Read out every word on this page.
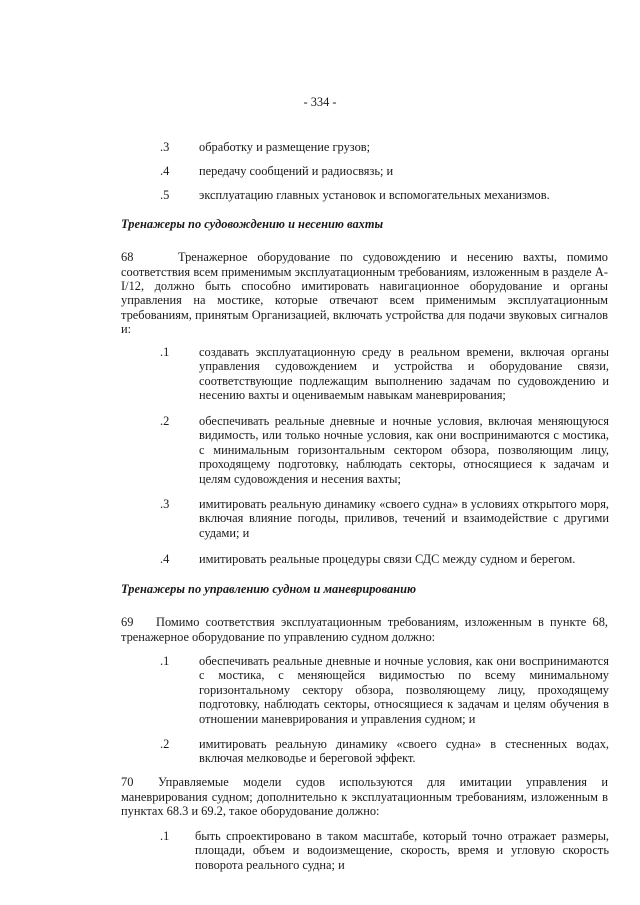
- 334 -
.3 обработку и размещение грузов;
.4 передачу сообщений и радиосвязь; и
.5 эксплуатацию главных установок и вспомогательных механизмов.
Тренажеры по судовождению и несению вахты
68	Тренажерное оборудование по судовождению и несению вахты, помимо
соответствия всем применимым эксплуатационным требованиям, изложенным в разделе A-I/12, должно быть способно имитировать навигационное оборудование и органы управления на мостике, которые отвечают всем применимым эксплуатационным требованиям, принятым Организацией, включать устройства для подачи звуковых сигналов и:
.1 создавать эксплуатационную среду в реальном времени, включая органы управления судовождением и устройства и оборудование связи, соответствующие подлежащим выполнению задачам по судовождению и несению вахты и оцениваемым навыкам маневрирования;
.2 обеспечивать реальные дневные и ночные условия, включая меняющуюся видимость, или только ночные условия, как они воспринимаются с мостика, с минимальным горизонтальным сектором обзора, позволяющим лицу, проходящему подготовку, наблюдать секторы, относящиеся к задачам и целям судовождения и несения вахты;
.3 имитировать реальную динамику «своего судна» в условиях открытого моря, включая влияние погоды, приливов, течений и взаимодействие с другими судами; и
.4 имитировать реальные процедуры связи СДС между судном и берегом.
Тренажеры по управлению судном и маневрированию
69 Помимо соответствия эксплуатационным требованиям, изложенным в пункте 68,
тренажерное оборудование по управлению судном должно:
.1 обеспечивать реальные дневные и ночные условия, как они воспринимаются с мостика, с меняющейся видимостью по всему минимальному горизонтальному сектору обзора, позволяющему лицу, проходящему подготовку, наблюдать секторы, относящиеся к задачам и целям обучения в отношении маневрирования и управления судном; и
.2 имитировать реальную динамику «своего судна» в стесненных водах, включая мелководье и береговой эффект.
70 Управляемые модели судов используются для имитации управления и
маневрирования судном; дополнительно к эксплуатационным требованиям, изложенным в пунктах 68.3 и 69.2, такое оборудование должно:
.1 быть спроектировано в таком масштабе, который точно отражает размеры, площади, объем и водоизмещение, скорость, время и угловую скорость поворота реального судна; и
